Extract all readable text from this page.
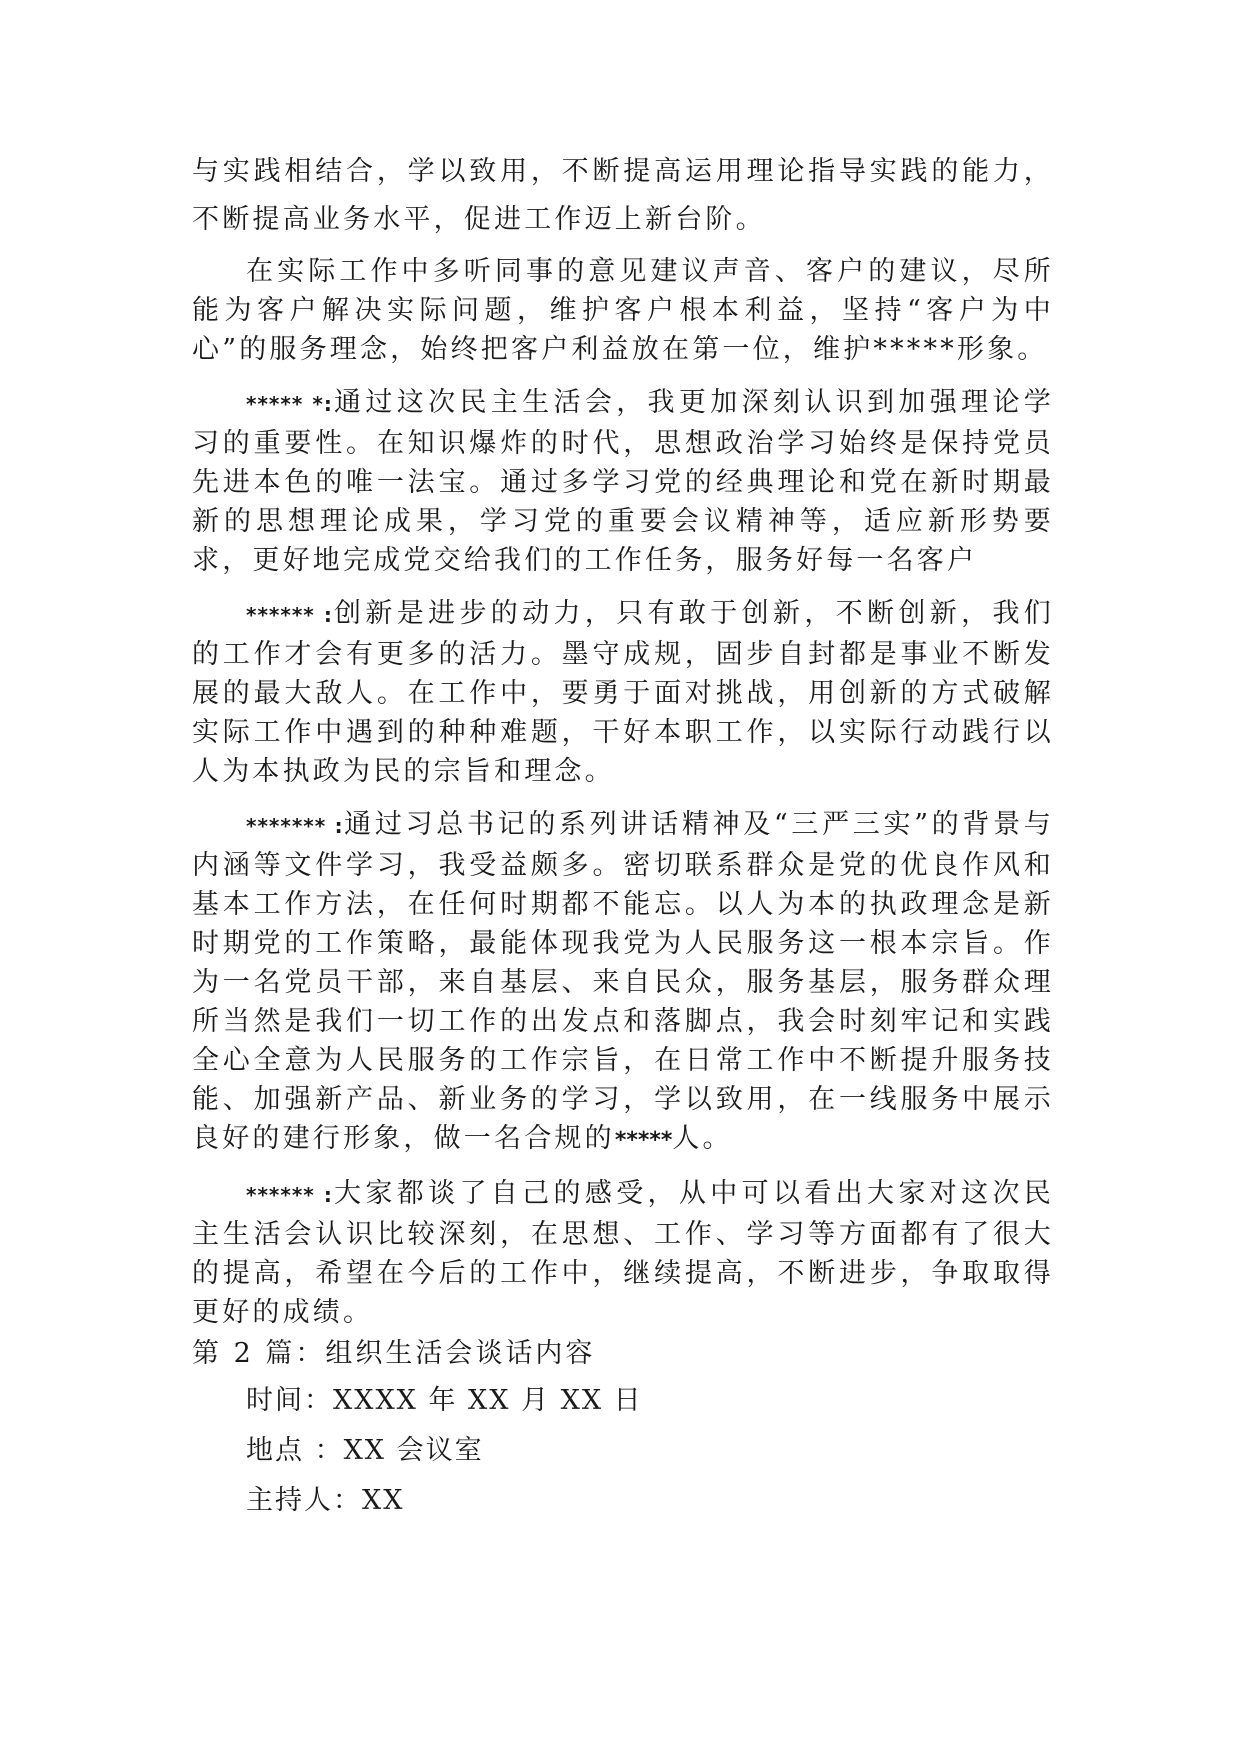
与实践相结合，学以致用，不断提高运用理论指导实践的能力，不断提高业务水平，促进工作迈上新台阶。

在实际工作中多听同事的意见建议声音、客户的建议，尽所能为客户解决实际问题，维护客户根本利益，坚持“客户为中心”的服务理念，始终把客户利益放在第一位，维护*****形象。

***** *:通过这次民主生活会，我更加深刻认识到加强理论学习的重要性。在知识爆炸的时代，思想政治学习始终是保持党员先进本色的唯一法宝。通过多学习党的经典理论和党在新时期最新的思想理论成果，学习党的重要会议精神等，适应新形势要求，更好地完成党交给我们的工作任务，服务好每一名客户

****** :创新是进步的动力，只有敢于创新，不断创新，我们的工作才会有更多的活力。墨守成规，固步自封都是事业不断发展的最大敌人。在工作中，要勇于面对挑战，用创新的方式破解实际工作中遇到的种种难题，干好本职工作，以实际行动践行以人为本执政为民的宗旨和理念。

******* :通过习总书记的系列讲话精神及“三严三实”的背景与内涵等文件学习，我受益颇多。密切联系群众是党的优良作风和基本工作方法，在任何时期都不能忘。以人为本的执政理念是新时期党的工作策略，最能体现我党为人民服务这一根本宗旨。作为一名党员干部，来自基层、来自民众，服务基层，服务群众理所当然是我们一切工作的出发点和落脚点，我会时刻牢记和实践全心全意为人民服务的工作宗旨，在日常工作中不断提升服务技能、加强新产品、新业务的学习，学以致用，在一线服务中展示良好的建行形象，做一名合规的*****人。

****** :大家都谈了自己的感受，从中可以看出大家对这次民主生活会认识比较深刻，在思想、工作、学习等方面都有了很大的提高，希望在今后的工作中，继续提高，不断进步，争取取得更好的成绩。

第 2 篇：组织生活会谈话内容

时间：XXXX 年 XX 月 XX 日

地点 ：XX 会议室

主持人：XX
